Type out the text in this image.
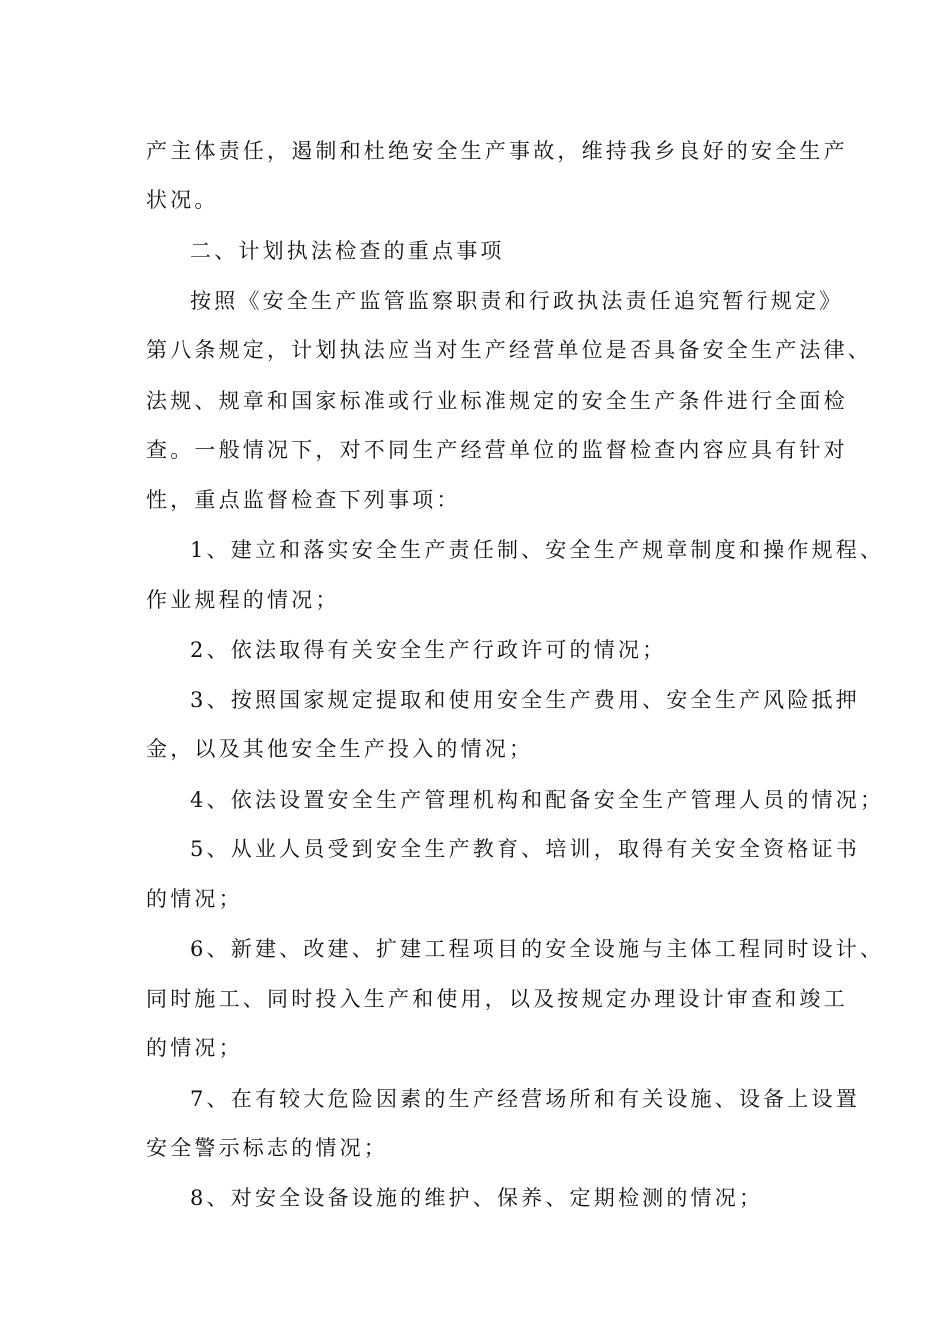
产主体责任，遏制和杜绝安全生产事故，维持我乡良好的安全生产
状况。
二、计划执法检查的重点事项
按照《安全生产监管监察职责和行政执法责任追究暂行规定》
第八条规定，计划执法应当对生产经营单位是否具备安全生产法律、
法规、规章和国家标准或行业标准规定的安全生产条件进行全面检
查。一般情况下，对不同生产经营单位的监督检查内容应具有针对
性，重点监督检查下列事项：
1、建立和落实安全生产责任制、安全生产规章制度和操作规程、
作业规程的情况；
2、依法取得有关安全生产行政许可的情况；
3、按照国家规定提取和使用安全生产费用、安全生产风险抵押
金，以及其他安全生产投入的情况；
4、依法设置安全生产管理机构和配备安全生产管理人员的情况；
5、从业人员受到安全生产教育、培训，取得有关安全资格证书
的情况；
6、新建、改建、扩建工程项目的安全设施与主体工程同时设计、
同时施工、同时投入生产和使用，以及按规定办理设计审查和竣工
的情况；
7、在有较大危险因素的生产经营场所和有关设施、设备上设置
安全警示标志的情况；
8、对安全设备设施的维护、保养、定期检测的情况；
